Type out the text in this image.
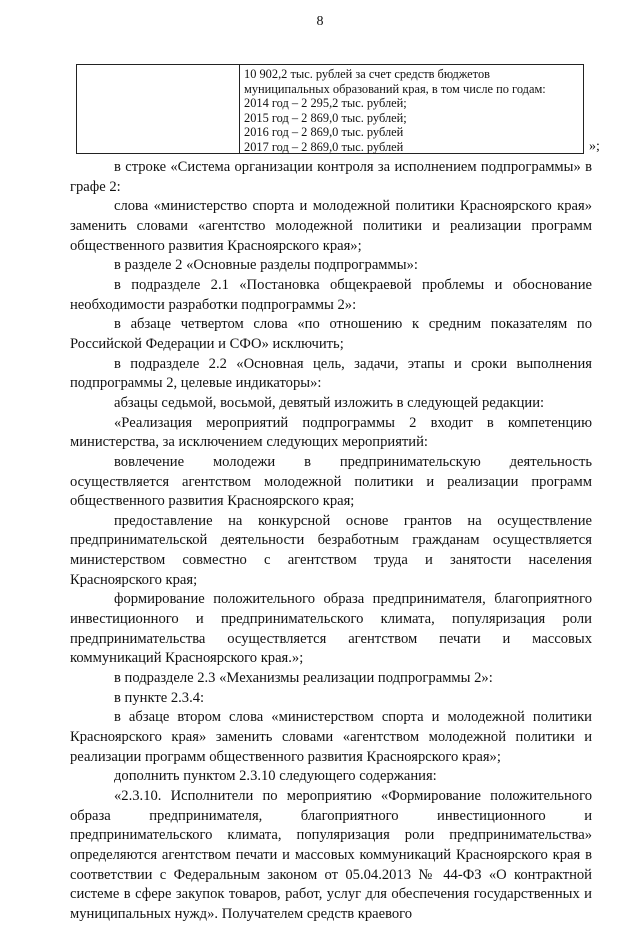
8
10 902,2 тыс. рублей за счет средств бюджетов
муниципальных образований края, в том числе по годам:
2014 год – 2 295,2 тыс. рублей;
2015 год – 2 869,0 тыс. рублей;
2016 год – 2 869,0 тыс. рублей
2017 год – 2 869,0 тыс. рублей	»;

в строке «Система организации контроля за исполнением подпрограммы» в графе 2:

слова «министерство спорта и молодежной политики Красноярского края» заменить словами «агентство молодежной политики и реализации программ общественного развития Красноярского края»;

в разделе 2 «Основные разделы подпрограммы»:

в подразделе 2.1 «Постановка общекраевой проблемы и обоснование необходимости разработки подпрограммы 2»:

в абзаце четвертом слова «по отношению к средним показателям по Российской Федерации и СФО» исключить;

в подразделе 2.2 «Основная цель, задачи, этапы и сроки выполнения подпрограммы 2, целевые индикаторы»:

абзацы седьмой, восьмой, девятый изложить в следующей редакции:

«Реализация мероприятий подпрограммы 2 входит в компетенцию министерства, за исключением следующих мероприятий:

вовлечение молодежи в предпринимательскую деятельность осуществляется агентством молодежной политики и реализации программ общественного развития Красноярского края;

предоставление на конкурсной основе грантов на осуществление предпринимательской деятельности безработным гражданам осуществляется министерством совместно с агентством труда и занятости населения Красноярского края;

формирование положительного образа предпринимателя, благоприятного инвестиционного и предпринимательского климата, популяризация роли предпринимательства осуществляется агентством печати и массовых коммуникаций Красноярского края.»;

в подразделе 2.3 «Механизмы реализации подпрограммы 2»:

в пункте 2.3.4:

в абзаце втором слова «министерством спорта и молодежной политики Красноярского края» заменить словами «агентством молодежной политики и реализации программ общественного развития Красноярского края»;

дополнить пунктом 2.3.10 следующего содержания:

«2.3.10. Исполнители по мероприятию «Формирование положительного образа предпринимателя, благоприятного инвестиционного и предпринимательского климата, популяризация роли предпринимательства» определяются агентством печати и массовых коммуникаций Красноярского края в соответствии с Федеральным законом от 05.04.2013 № 44-ФЗ «О контрактной системе в сфере закупок товаров, работ, услуг для обеспечения государственных и муниципальных нужд». Получателем средств краевого
